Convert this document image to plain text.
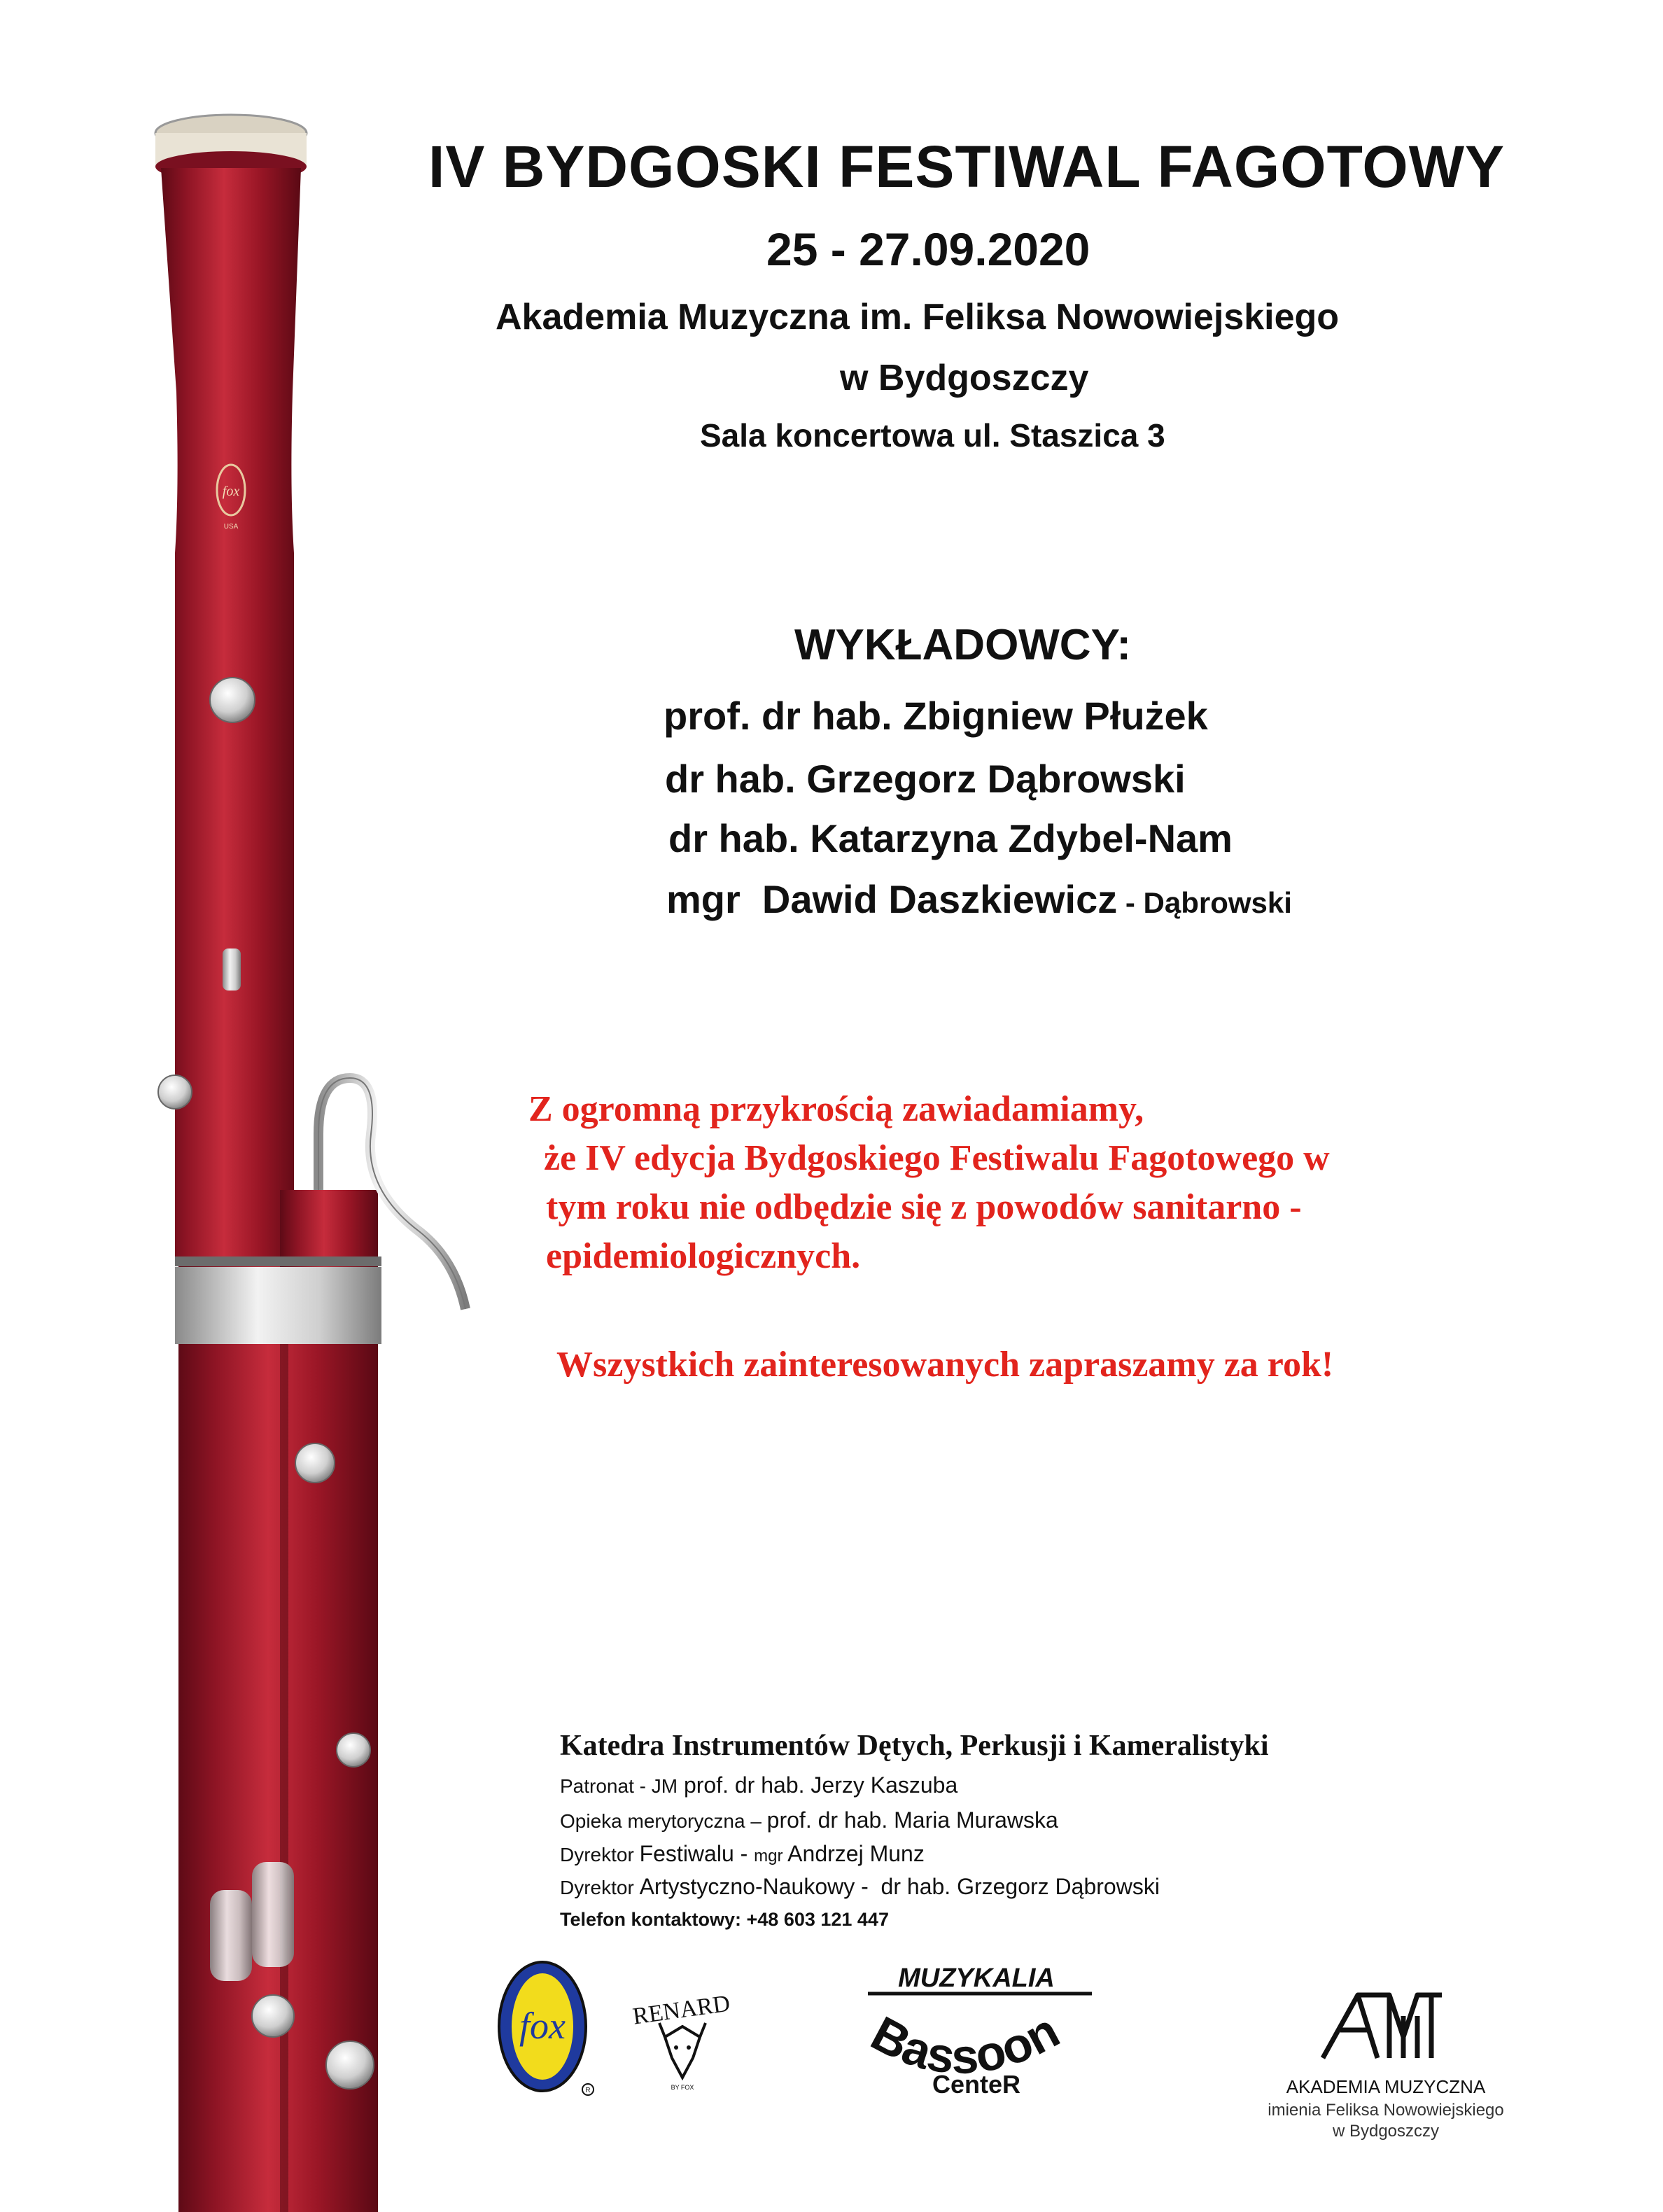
fox
USA
IV BYDGOSKI FESTIWAL FAGOTOWY
25 - 27.09.2020
Akademia Muzyczna im. Feliksa Nowowiejskiego
w Bydgoszczy
Sala koncertowa ul. Staszica 3
WYKŁADOWCY:
prof. dr hab. Zbigniew Płużek
dr hab. Grzegorz Dąbrowski
dr hab. Katarzyna Zdybel-Nam
mgr  Dawid Daszkiewicz - Dąbrowski
Z ogromną przykrością zawiadamiamy,
że IV edycja Bydgoskiego Festiwalu Fagotowego w
tym roku nie odbędzie się z powodów sanitarno -
epidemiologicznych.
Wszystkich zainteresowanych zapraszamy za rok!
Katedra Instrumentów Dętych, Perkusji i Kameralistyki
Patronat - JM prof. dr hab. Jerzy Kaszuba
Opieka merytoryczna – prof. dr hab. Maria Murawska
Dyrektor Festiwalu - mgr Andrzej Munz
Dyrektor Artystyczno-Naukowy -  dr hab. Grzegorz Dąbrowski
Telefon kontaktowy: +48 603 121 447
fox
R
RENARD
BY FOX
MUZYKALIA
Bassoon
CenteR	AKADEMIA MUZYCZNA
imienia Feliksa Nowowiejskiego
w Bydgoszczy
